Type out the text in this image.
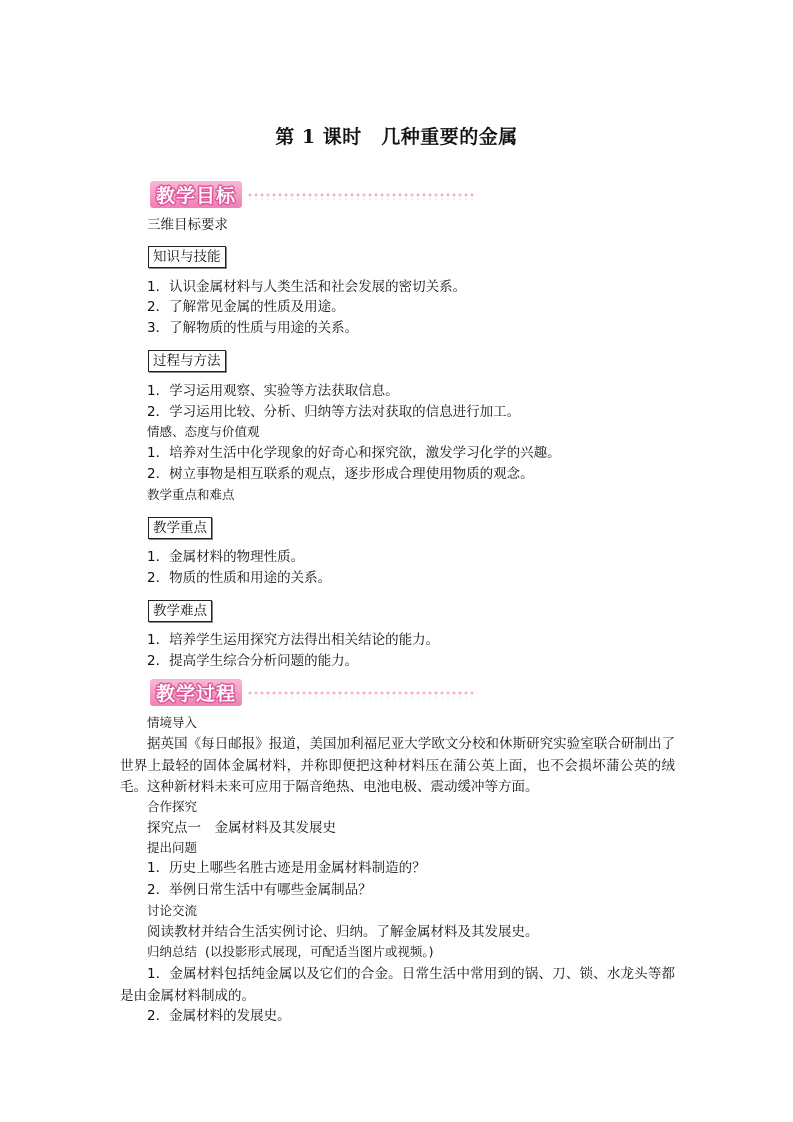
第 1 课时　几种重要的金属
教学目标
三维目标要求
知识与技能
1．认识金属材料与人类生活和社会发展的密切关系。
2．了解常见金属的性质及用途。
3．了解物质的性质与用途的关系。
过程与方法
1．学习运用观察、实验等方法获取信息。
2．学习运用比较、分析、归纳等方法对获取的信息进行加工。
情感、态度与价值观
1．培养对生活中化学现象的好奇心和探究欲，激发学习化学的兴趣。
2．树立事物是相互联系的观点，逐步形成合理使用物质的观念。
教学重点和难点
教学重点
1．金属材料的物理性质。
2．物质的性质和用途的关系。
教学难点
1．培养学生运用探究方法得出相关结论的能力。
2．提高学生综合分析问题的能力。
教学过程
情境导入
据英国《每日邮报》报道，美国加利福尼亚大学欧文分校和休斯研究实验室联合研制出了世界上最轻的固体金属材料，并称即便把这种材料压在蒲公英上面，也不会损坏蒲公英的绒毛。这种新材料未来可应用于隔音绝热、电池电极、震动缓冲等方面。
合作探究
探究点一　金属材料及其发展史
提出问题
1．历史上哪些名胜古迹是用金属材料制造的？
2．举例日常生活中有哪些金属制品？
讨论交流
阅读教材并结合生活实例讨论、归纳。了解金属材料及其发展史。
归纳总结 (以投影形式展现，可配适当图片或视频。)
1．金属材料包括纯金属以及它们的合金。日常生活中常用到的锅、刀、锁、水龙头等都是由金属材料制成的。
2．金属材料的发展史。
